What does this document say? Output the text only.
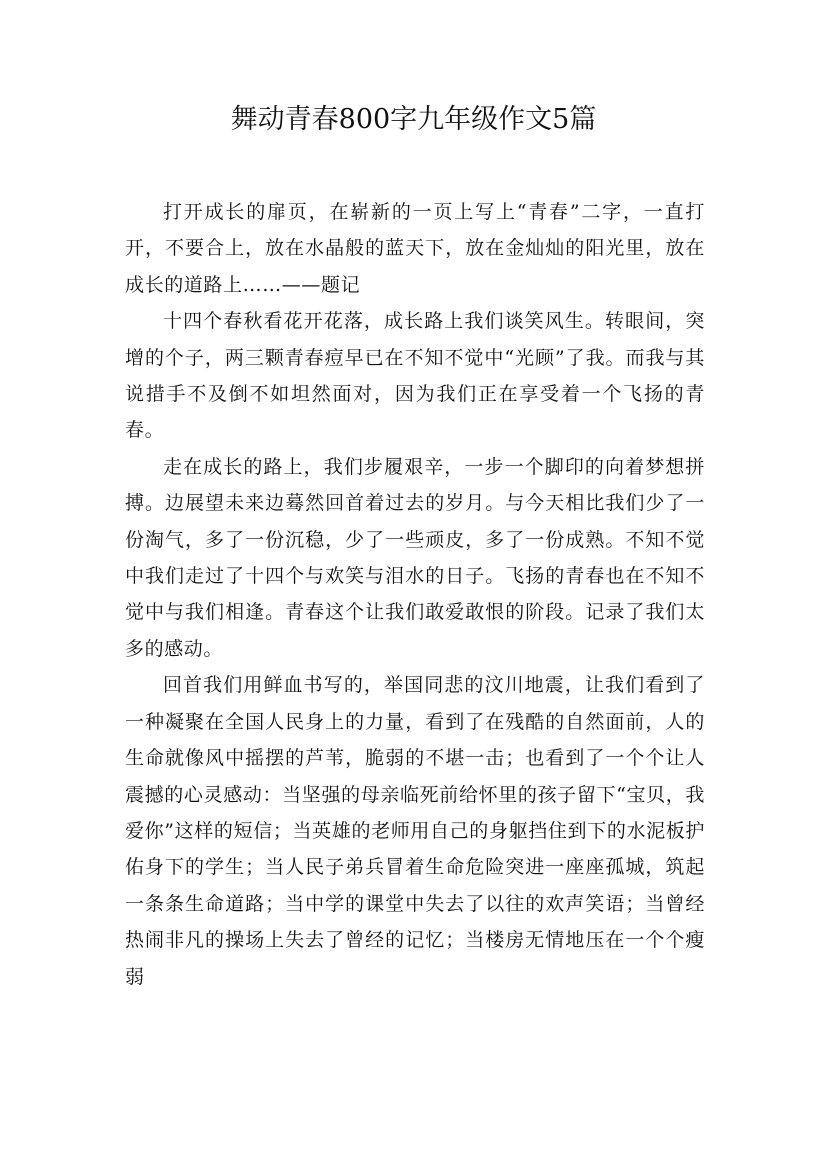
舞动青春800字九年级作文5篇

打开成长的扉页，在崭新的一页上写上“青春”二字，一直打开，不要合上，放在水晶般的蓝天下，放在金灿灿的阳光里，放在成长的道路上……——题记

十四个春秋看花开花落，成长路上我们谈笑风生。转眼间，突增的个子，两三颗青春痘早已在不知不觉中“光顾”了我。而我与其说措手不及倒不如坦然面对，因为我们正在享受着一个飞扬的青春。

走在成长的路上，我们步履艰辛，一步一个脚印的向着梦想拼搏。边展望未来边蓦然回首着过去的岁月。与今天相比我们少了一份淘气，多了一份沉稳，少了一些顽皮，多了一份成熟。不知不觉中我们走过了十四个与欢笑与泪水的日子。飞扬的青春也在不知不觉中与我们相逢。青春这个让我们敢爱敢恨的阶段。记录了我们太多的感动。

回首我们用鲜血书写的，举国同悲的汶川地震，让我们看到了一种凝聚在全国人民身上的力量，看到了在残酷的自然面前，人的生命就像风中摇摆的芦苇，脆弱的不堪一击；也看到了一个个让人震撼的心灵感动：当坚强的母亲临死前给怀里的孩子留下“宝贝，我爱你”这样的短信；当英雄的老师用自己的身躯挡住到下的水泥板护佑身下的学生；当人民子弟兵冒着生命危险突进一座座孤城，筑起一条条生命道路；当中学的课堂中失去了以往的欢声笑语；当曾经热闹非凡的操场上失去了曾经的记忆；当楼房无情地压在一个个瘦弱
